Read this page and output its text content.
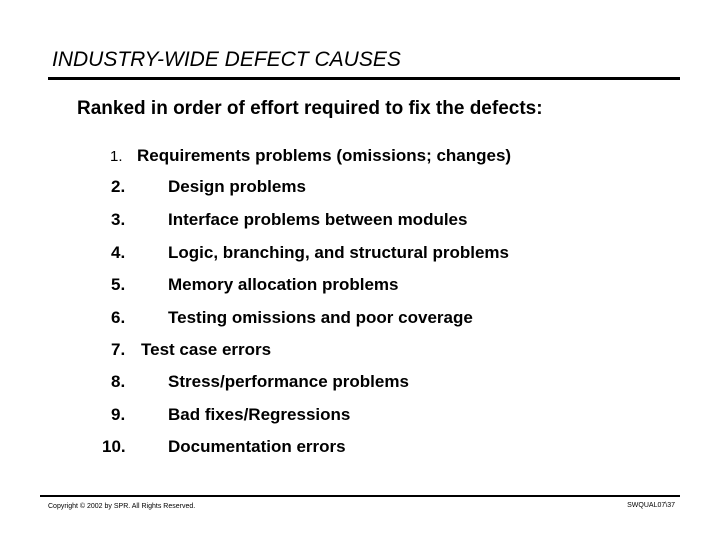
INDUSTRY-WIDE DEFECT CAUSES
Ranked in order of effort required to fix the defects:
1. Requirements problems (omissions; changes)
2.	Design problems
3.	Interface problems between modules
4.	Logic, branching, and structural problems
5.	Memory allocation problems
6.	Testing omissions and poor coverage
7. Test case errors
8.	Stress/performance problems
9.	Bad fixes/Regressions
10. Documentation errors
Copyright © 2002 by SPR. All Rights Reserved.	SWQUAL07\37
